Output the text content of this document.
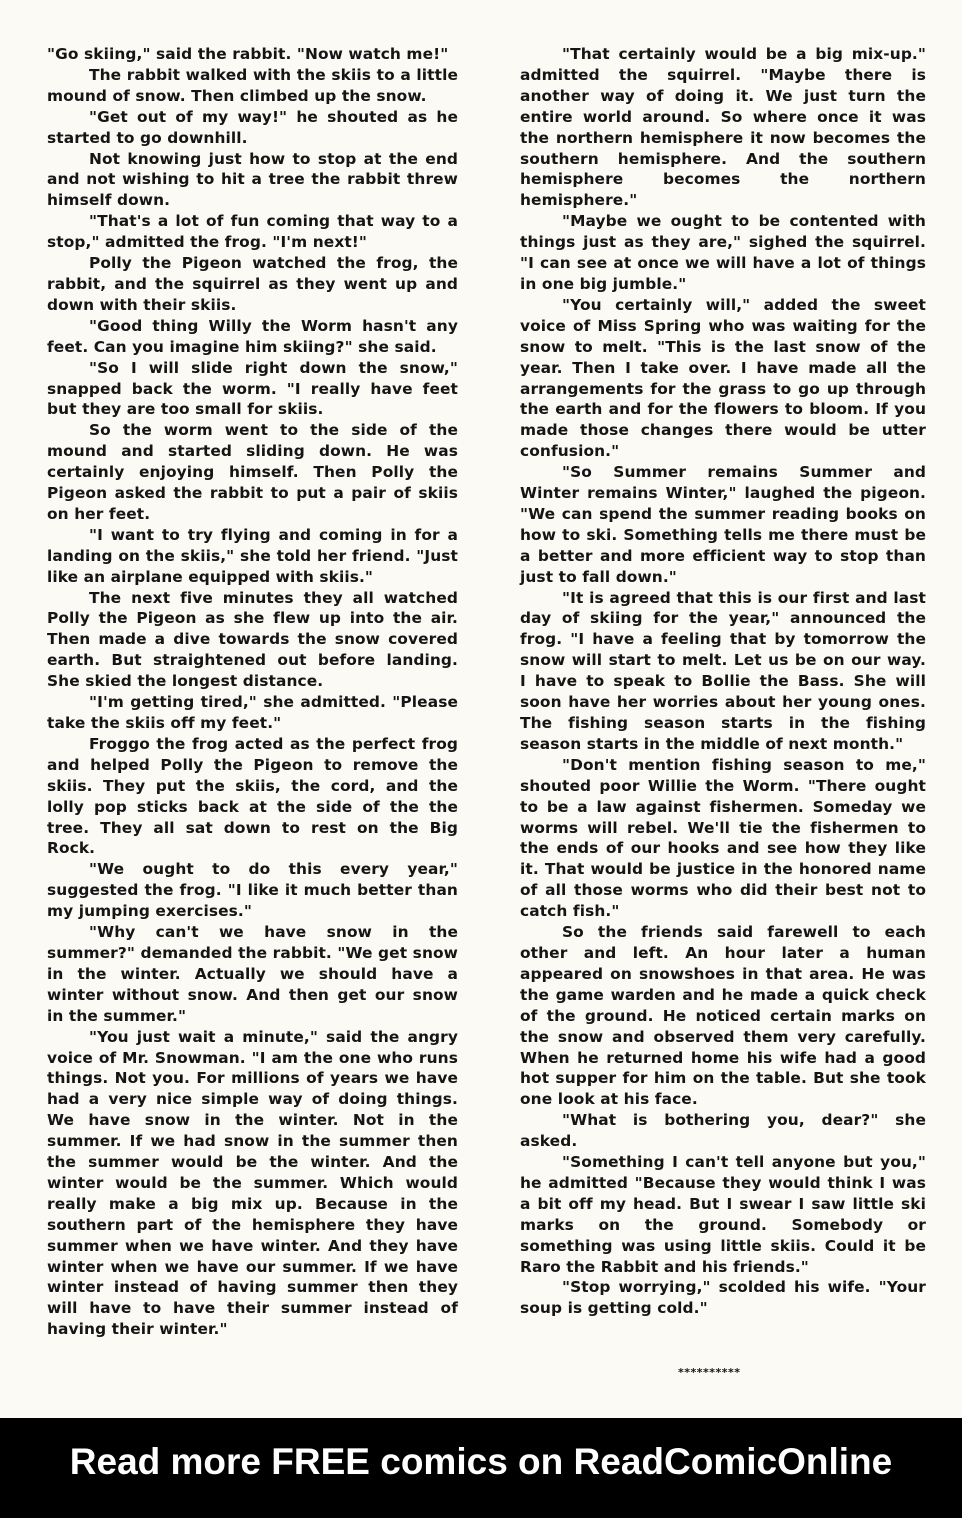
"Go skiing," said the rabbit. "Now watch me!"

The rabbit walked with the skiis to a little mound of snow. Then climbed up the snow.

"Get out of my way!" he shouted as he started to go downhill.

Not knowing just how to stop at the end and not wishing to hit a tree the rabbit threw himself down.

"That's a lot of fun coming that way to a stop," admitted the frog. "I'm next!"

Polly the Pigeon watched the frog, the rabbit, and the squirrel as they went up and down with their skiis.

"Good thing Willy the Worm hasn't any feet. Can you imagine him skiing?" she said.

"So I will slide right down the snow," snapped back the worm. "I really have feet but they are too small for skiis.

So the worm went to the side of the mound and started sliding down. He was certainly enjoying himself. Then Polly the Pigeon asked the rabbit to put a pair of skiis on her feet.

"I want to try flying and coming in for a landing on the skiis," she told her friend. "Just like an airplane equipped with skiis."

The next five minutes they all watched Polly the Pigeon as she flew up into the air. Then made a dive towards the snow covered earth. But straightened out before landing. She skied the longest distance.

"I'm getting tired," she admitted. "Please take the skiis off my feet."

Froggo the frog acted as the perfect frog and helped Polly the Pigeon to remove the skiis. They put the skiis, the cord, and the lolly pop sticks back at the side of the the tree. They all sat down to rest on the Big Rock.

"We ought to do this every year," suggested the frog. "I like it much better than my jumping exercises."

"Why can't we have snow in the summer?" demanded the rabbit. "We get snow in the winter. Actually we should have a winter without snow. And then get our snow in the summer."

"You just wait a minute," said the angry voice of Mr. Snowman. "I am the one who runs things. Not you. For millions of years we have had a very nice simple way of doing things. We have snow in the winter. Not in the summer. If we had snow in the summer then the summer would be the winter. And the winter would be the summer. Which would really make a big mix up. Because in the southern part of the hemisphere they have summer when we have winter. And they have winter when we have our summer. If we have winter instead of having summer then they will have to have their summer instead of having their winter."

"That certainly would be a big mix-up." admitted the squirrel. "Maybe there is another way of doing it. We just turn the entire world around. So where once it was the northern hemisphere it now becomes the southern hemisphere. And the southern hemisphere becomes the northern hemisphere."

"Maybe we ought to be contented with things just as they are," sighed the squirrel. "I can see at once we will have a lot of things in one big jumble."

"You certainly will," added the sweet voice of Miss Spring who was waiting for the snow to melt. "This is the last snow of the year. Then I take over. I have made all the arrangements for the grass to go up through the earth and for the flowers to bloom. If you made those changes there would be utter confusion."

"So Summer remains Summer and Winter remains Winter," laughed the pigeon. "We can spend the summer reading books on how to ski. Something tells me there must be a better and more efficient way to stop than just to fall down."

"It is agreed that this is our first and last day of skiing for the year," announced the frog. "I have a feeling that by tomorrow the snow will start to melt. Let us be on our way. I have to speak to Bollie the Bass. She will soon have her worries about her young ones. The fishing season starts in the fishing season starts in the middle of next month."

"Don't mention fishing season to me," shouted poor Willie the Worm. "There ought to be a law against fishermen. Someday we worms will rebel. We'll tie the fishermen to the ends of our hooks and see how they like it. That would be justice in the honored name of all those worms who did their best not to catch fish."

So the friends said farewell to each other and left. An hour later a human appeared on snowshoes in that area. He was the game warden and he made a quick check of the ground. He noticed certain marks on the snow and observed them very carefully. When he returned home his wife had a good hot supper for him on the table. But she took one look at his face.

"What is bothering you, dear?" she asked.

"Something I can't tell anyone but you," he admitted "Because they would think I was a bit off my head. But I swear I saw little ski marks on the ground. Somebody or something was using little skiis. Could it be Raro the Rabbit and his friends."

"Stop worrying," scolded his wife. "Your soup is getting cold."

**********
Read more FREE comics on ReadComicOnline
